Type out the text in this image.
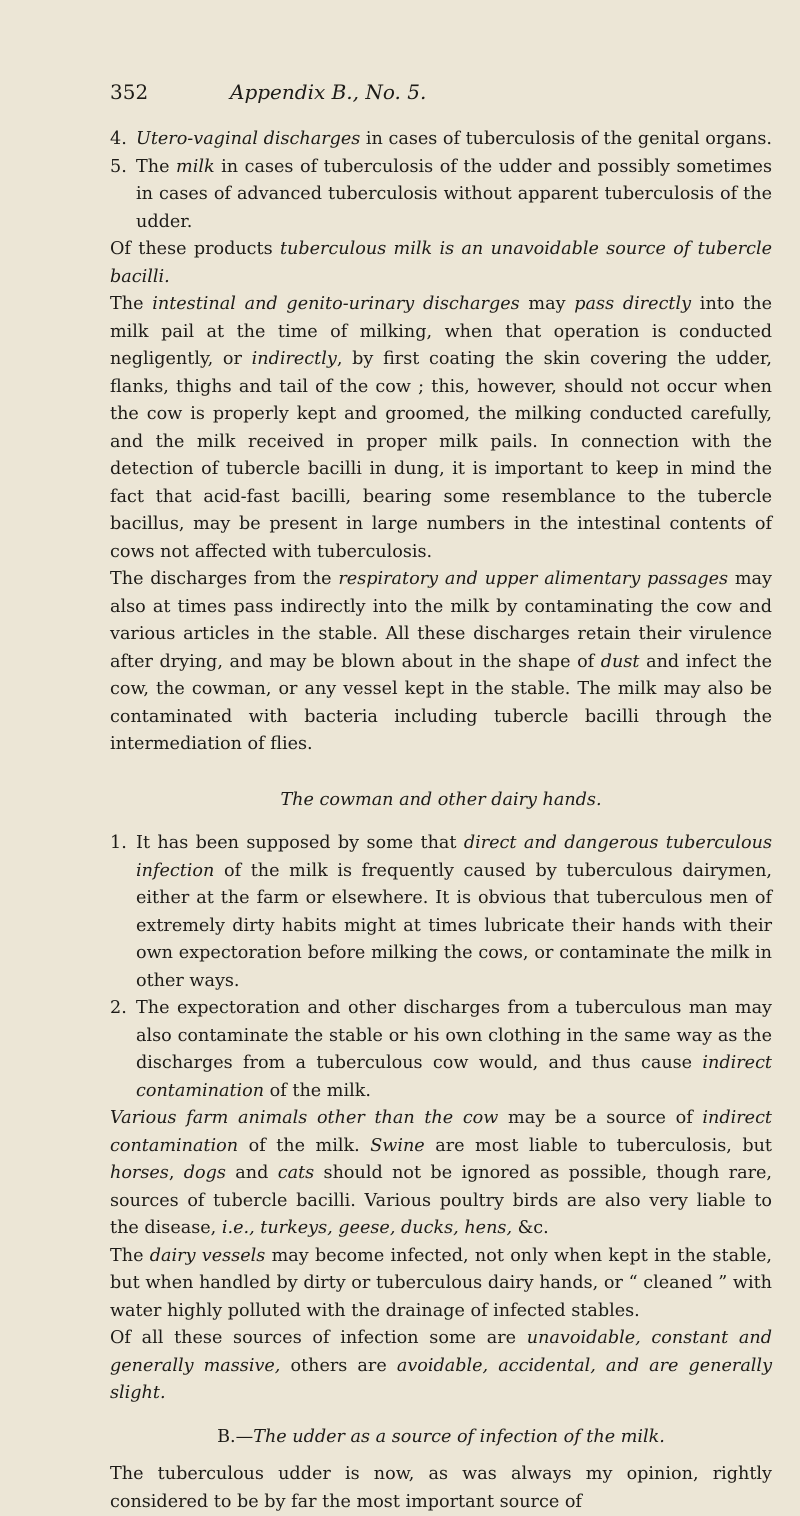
352	Appendix B., No. 5.
4. Utero-vaginal discharges in cases of tuberculosis of the genital organs.
5. The milk in cases of tuberculosis of the udder and possibly sometimes in cases of advanced tuberculosis without apparent tuberculosis of the udder.

Of these products tuberculous milk is an unavoidable source of tubercle bacilli.

The intestinal and genito-urinary discharges may pass directly into the milk pail at the time of milking, when that operation is conducted negligently, or indirectly, by first coating the skin covering the udder, flanks, thighs and tail of the cow ; this, however, should not occur when the cow is properly kept and groomed, the milking conducted carefully, and the milk received in proper milk pails. In connection with the detection of tubercle bacilli in dung, it is important to keep in mind the fact that acid-fast bacilli, bearing some resemblance to the tubercle bacillus, may be present in large numbers in the intestinal contents of cows not affected with tuberculosis.

The discharges from the respiratory and upper alimentary passages may also at times pass indirectly into the milk by contaminating the cow and various articles in the stable. All these discharges retain their virulence after drying, and may be blown about in the shape of dust and infect the cow, the cowman, or any vessel kept in the stable. The milk may also be contaminated with bacteria including tubercle bacilli through the intermediation of flies.

The cowman and other dairy hands.
1. It has been supposed by some that direct and dangerous tuberculous infection of the milk is frequently caused by tuberculous dairymen, either at the farm or elsewhere. It is obvious that tuberculous men of extremely dirty habits might at times lubricate their hands with their own expectoration before milking the cows, or contaminate the milk in other ways.
2. The expectoration and other discharges from a tuberculous man may also contaminate the stable or his own clothing in the same way as the discharges from a tuberculous cow would, and thus cause indirect contamination of the milk.

Various farm animals other than the cow may be a source of indirect contamination of the milk. Swine are most liable to tuberculosis, but horses, dogs and cats should not be ignored as possible, though rare, sources of tubercle bacilli. Various poultry birds are also very liable to the disease, i.e., turkeys, geese, ducks, hens, &c.

The dairy vessels may become infected, not only when kept in the stable, but when handled by dirty or tuberculous dairy hands, or “ cleaned ” with water highly polluted with the drainage of infected stables.

Of all these sources of infection some are unavoidable, constant and generally massive, others are avoidable, accidental, and are generally slight.

B.—The udder as a source of infection of the milk.

The tuberculous udder is now, as was always my opinion, rightly considered to be by far the most important source of
